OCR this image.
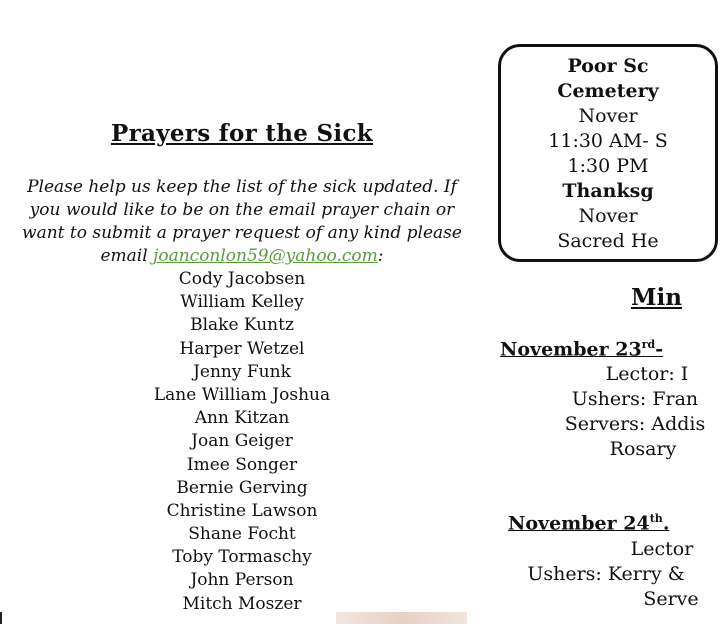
Prayers for the Sick
Please help us keep the list of the sick updated. If you would like to be on the email prayer chain or want to submit a prayer request of any kind please email joanconlon59@yahoo.com:
Cody Jacobsen
William Kelley
Blake Kuntz
Harper Wetzel
Jenny Funk
Lane William Joshua
Ann Kitzan
Joan Geiger
Imee Songer
Bernie Gerving
Christine Lawson
Shane Focht
Toby Tormaschy
John Person
Mitch Moszer
Poor Sc
Cemetery
Nover
11:30 AM- S
1:30 PM
Thanksg
Nover
Sacred He
Min
November 23rd-
Lector: I
Ushers: Fran
Servers: Addis
Rosary
November 24th.
Lector
Ushers: Kerry &
Serve
